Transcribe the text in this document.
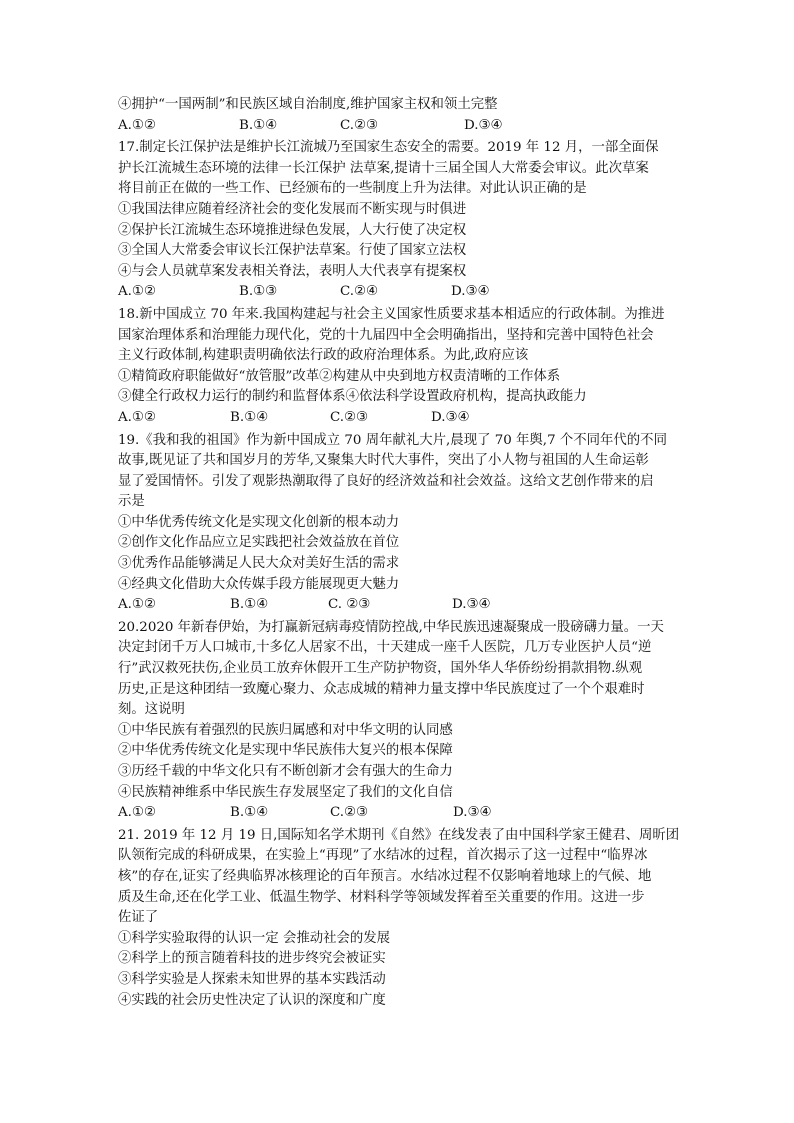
④拥护“一国两制”和民族区域自治制度,维护国家主权和领土完整
A.①②	B.①④	C.②③	D.③④
17.制定长江保护法是维护长江流城乃至国家生态安全的需要。2019 年 12 月，一部全面保
护长江流城生态环境的法律一长江保护 法草案,提请十三届全国人大常委会审议。此次草案
将目前正在做的一些工作、已经颁布的一些制度上升为法律。对此认识正确的是
①我国法律应随着经济社会的变化发展而不断实现与时俱进
②保护长江流城生态环境推进绿色发展，人大行使了决定权
③全国人大常委会审议长江保护法草案。行使了国家立法权
④与会人员就草案发表相关脊法，表明人大代表享有提案权
A.①②	B.①③	C.②④	D.③④
18.新中国成立 70 年来.我国构建起与社会主义国家性质要求基本相适应的行政体制。为推进
国家治理体系和治理能力现代化，党的十九届四中全会明确指出，坚持和完善中国特色社会
主义行政体制,构建职责明确依法行政的政府治理体系。为此,政府应该
①精简政府职能做好“放管服”改革②构建从中央到地方权责清晰的工作体系
③健全行政权力运行的制约和监督体系④依法科学设置政府机构，提高执政能力
A.①②	B.①④	C.②③	D.③④
19.《我和我的祖国》作为新中国成立 70 周年献礼大片,晨现了 70 年舆,7 个不同年代的不同
故事,既见证了共和国岁月的芳华,又聚集大时代大事件，突出了小人物与祖国的人生命运彰
显了爱国情怀。引发了观影热潮取得了良好的经济效益和社会效益。这给文艺创作带来的启
示是
①中华优秀传统文化是实现文化创新的根本动力
②创作文化作品应立足实践把社会效益放在首位
③优秀作品能够满足人民大众对美好生活的需求
④经典文化借助大众传媒手段方能展现更大魅力
A.①②	B.①④	C. ②③	D.③④
20.2020 年新春伊始，为打赢新冠病毒疫情防控战,中华民族迅速凝聚成一股磅礴力量。一天
决定封闭千万人口城市,十多亿人居家不出，十天建成一座千人医院，几万专业医护人员“逆
行”武汉救死扶伤,企业员工放弃休假开工生产防护物资，国外华人华侨纷纷捐款捐物.纵观
历史,正是这种团结一致魔心聚力、众志成城的精神力量支撑中华民族度过了一个个艰难时
刻。这说明
①中华民族有着强烈的民族归属感和对中华文明的认同感
②中华优秀传统文化是实现中华民族伟大复兴的根本保障
③历经千载的中华文化只有不断创新才会有强大的生命力
④民族精神维系中华民族生存发展坚定了我们的文化自信
A.①②	B.①④	C.②③	D.③④
21. 2019 年 12 月 19 日,国际知名学术期刊《自然》在线发表了由中国科学家王健君、周昕团
队领衔完成的科研成果，在实验上“再现”了水结冰的过程，首次揭示了这一过程中“临界冰
核”的存在,证实了经典临界冰核理论的百年预言。水结冰过程不仅影响着地球上的气候、地
质及生命,还在化学工业、低温生物学、材料科学等领域发挥着至关重要的作用。这进一步
佐证了
①科学实验取得的认识一定 会推动社会的发展
②科学上的预言随着科技的进步终究会被证实
③科学实验是人探索未知世界的基本实践活动
④实践的社会历史性决定了认识的深度和广度
